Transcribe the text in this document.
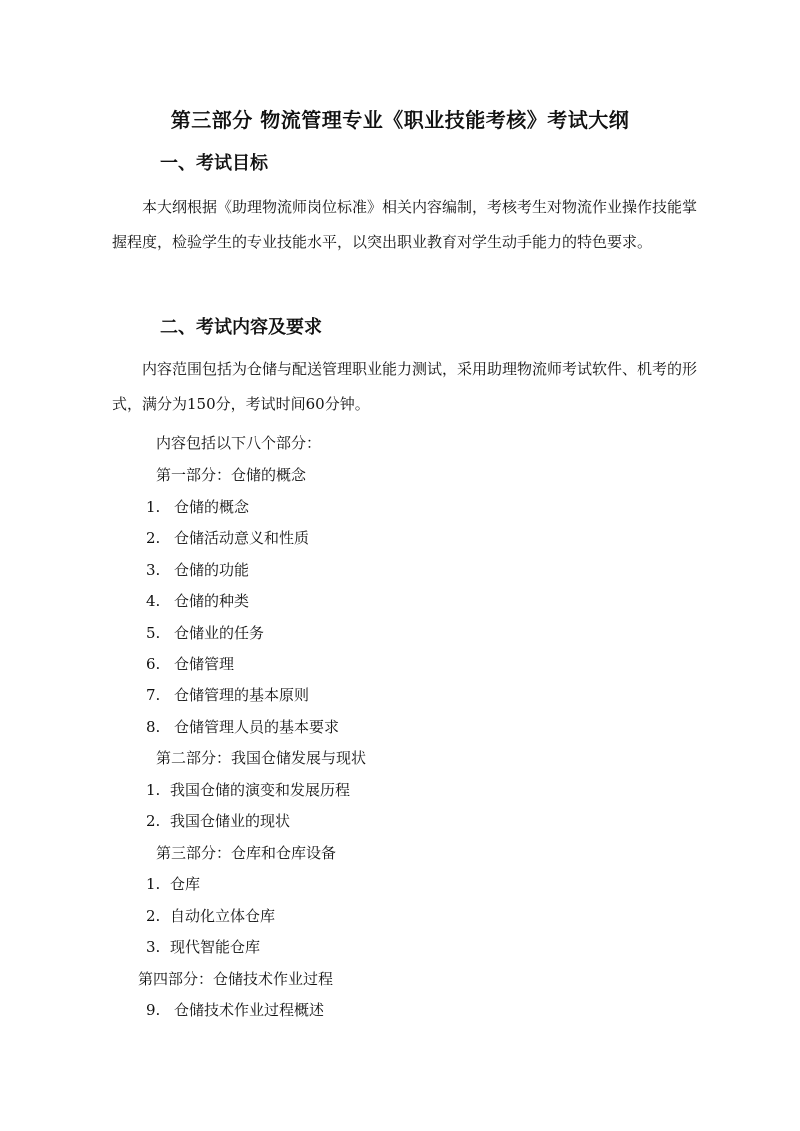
第三部分 物流管理专业《职业技能考核》考试大纲
一、考试目标

本大纲根据《助理物流师岗位标准》相关内容编制，考核考生对物流作业操作技能掌握程度，检验学生的专业技能水平，以突出职业教育对学生动手能力的特色要求。

二、考试内容及要求

内容范围包括为仓储与配送管理职业能力测试，采用助理物流师考试软件、机考的形式，满分为150分，考试时间60分钟。

内容包括以下八个部分：
第一部分：仓储的概念
1. 仓储的概念
2. 仓储活动意义和性质
3. 仓储的功能
4. 仓储的种类
5. 仓储业的任务
6. 仓储管理
7. 仓储管理的基本原则
8. 仓储管理人员的基本要求
第二部分：我国仓储发展与现状
1. 我国仓储的演变和发展历程
2. 我国仓储业的现状
第三部分：仓库和仓库设备
1. 仓库
2. 自动化立体仓库
3. 现代智能仓库
第四部分：仓储技术作业过程
9. 仓储技术作业过程概述
